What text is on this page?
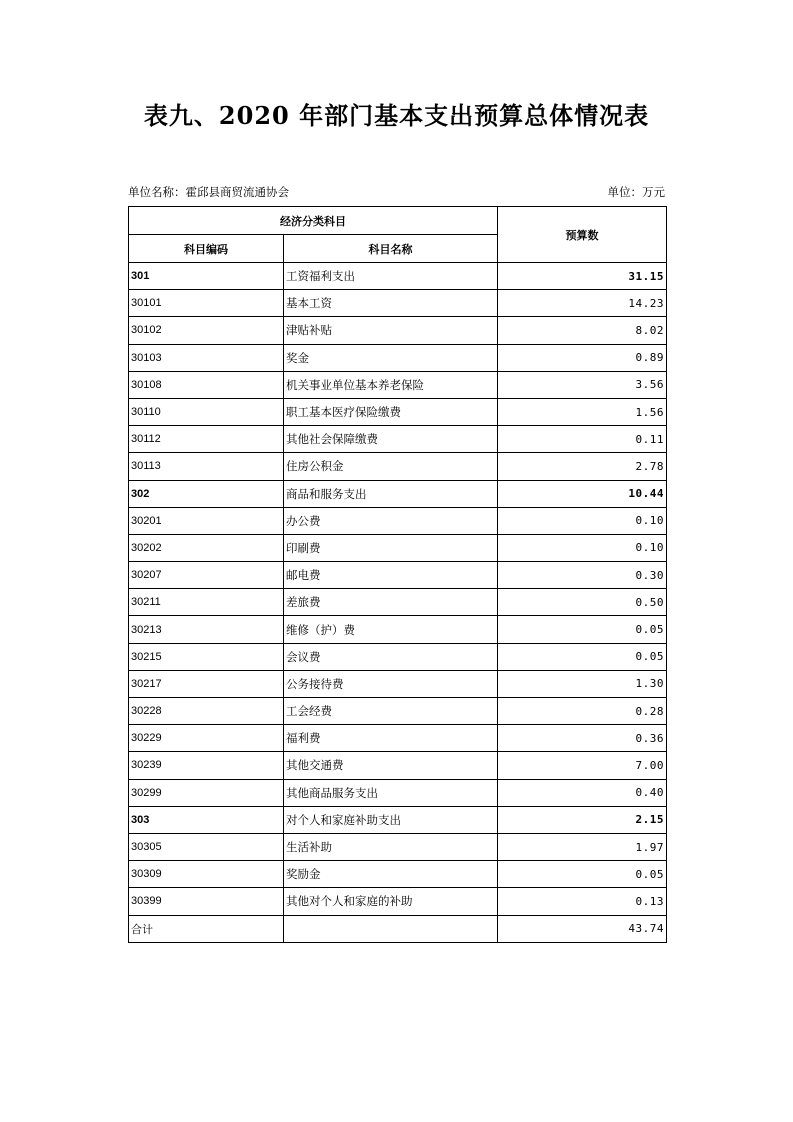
表九、2020 年部门基本支出预算总体情况表
单位名称：霍邱县商贸流通协会	单位：万元
经济分类科目		预算数
科目编码	科目名称	
301	工资福利支出	31.15
30101	基本工资	14.23
30102	津贴补贴	8.02
30103	奖金	0.89
30108	机关事业单位基本养老保险	3.56
30110	职工基本医疗保险缴费	1.56
30112	其他社会保障缴费	0.11
30113	住房公积金	2.78
302	商品和服务支出	10.44
30201	办公费	0.10
30202	印刷费	0.10
30207	邮电费	0.30
30211	差旅费	0.50
30213	维修（护）费	0.05
30215	会议费	0.05
30217	公务接待费	1.30
30228	工会经费	0.28
30229	福利费	0.36
30239	其他交通费	7.00
30299	其他商品服务支出	0.40
303	对个人和家庭补助支出	2.15
30305	生活补助	1.97
30309	奖励金	0.05
30399	其他对个人和家庭的补助	0.13
合计		43.74
